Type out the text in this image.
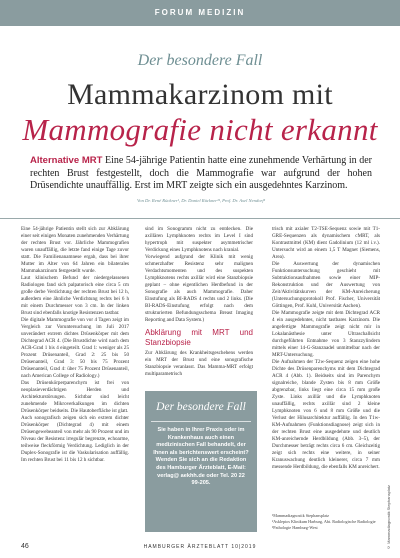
FORUM MEDIZIN
Der besondere Fall
Mammakarzinom mit
Mammografie nicht erkannt
Alternative MRT Eine 54-jährige Patientin hatte eine zunehmende Verhärtung in der rechten Brust festgestellt, doch die Mammografie war aufgrund der hohen Drüsendichte unauffällig. Erst im MRT zeigte sich ein ausgedehntes Karzinom.
Von Dr. René Rückner¹, Dr. Daniel Rückner²³, Prof. Dr. Axel Nendorf³

Eine 54-jährige Patientin stellt sich zur Abklärung einer seit einigen Monaten zunehmenden Verhärtung der rechten Brust vor. Jährliche Mammografien waren unauffällig, die letzte fand einige Tage zuvor statt. Die Familienanamnese ergab, dass bei ihrer Mutter im Alter von 64 Jahren ein bilaterales Mammakarzinom festgestellt wurde.

Laut klinischem Befund der niedergelassenen Radiologen fand sich palpatorisch eine circa 5 cm große derbe Verdichtung der rechten Brust bei 12 h, außerdem eine ähnliche Verdichtung rechts bei 6 h mit einem Durchmesser von 3 cm. In der linken Brust sind ebenfalls knotige Resistenzen tastbar.

Die digitale Mammografie von vor 4 Tagen zeigt im Vergleich zur Voruntersuchung im Juli 2017 unverändert extrem dichtes Drüsenkörper mit dem Dichtegrad ACR 4. (Die Brustdichte wird nach dem ACR-Grad 1 bis 4 eingeteilt. Grad 1: weniger als 25 Prozent Drüsenanteil, Grad 2: 25 bis 50 Drüsenanteil, Grad 3: 50 bis 75 Prozent Drüsenanteil, Grad 4: über 75 Prozent Drüsenanteil, nach American College of Radiology.)

Das Drüsenkörperparenchym ist frei von neoplasieverdächtigen Herden und Architekturstörungen. Sichtbar sind leicht zunehmende Mikroverkalkungen im dichten Drüsenkörper beidseits. Die Hautoberfläche ist glatt.

Auch sonografisch zeigen sich ein extrem dichter Drüsenkörper (Dichtegrad 4) mit einem Drüsengewebeanteil von mehr als 90 Prozent und im Niveau der Resistenz irregulär begrenzte, echoarme, teilweise fleckförmig Verdichtung. Lediglich in der Duplex-Sonografie ist die Vaskularisation auffällig. Im rechten Brust bei 11 bis 12 h sichtbar.

sind im Sonogramm nicht zu entdecken. Die axillären Lymphknoten rechts im Level I sind hypertroph mit suspekter asymmetrischer Verdickung eines Lymphknotens nach kranial.

Vorwiegend aufgrund der Klinik mit wenig schmerzhafter Resistenz sehr malignen Verdachtsmomenten und des suspekten Lymphknotens rechts axillär wird eine Stanzbiopsie geplant – ohne eigentlichen Herdbefund in der Sonografie als auch Mammografie. Daher Einstufung als BI-RADS 4 rechts und 2 links. (Die BI-RADS-Einstufung erfolgt nach dem strukturierten Befundungsschema Breast Imaging Reporting and Data System.)

Abklärung mit MRT und Stanzbiopsie

Zur Abklärung des Krankheitsgeschehens werden ein MRT der Brust und eine sonografische Stanzbiopsie veranlasst. Das Mamma-MRT erfolgt multiparametrisch

Der besondere Fall
Sie haben in Ihrer Praxis oder im Krankenhaus auch einen medizinischen Fall behandelt, der Ihnen als berichtenswert erscheint? Wenden Sie sich an die Redaktion des Hamburger Ärzteblatt, E-Mail: verlag@ aekhh.de oder Tel. 20 22 99-205.

trisch mit axialer T2-TSE-Sequenz sowie mit T1-GRE-Sequenzen als dynamischem cMRT, als Kontrastmittel (KM) dient Gadolinium (12 ml i.v.). Untersucht wird an einem 1,5 T Magnet (Siemens, Area).

Die Auswertung der dynamischen Funktionsuntersuchung geschieht mit Subtraktionsaufnahmen sowie einer MIP-Rekonstruktion und der Auswertung von Zeit/Aktivitätskurven der KM-Anreicherung (Untersuchungsprotokoll Prof. Fischer, Universität Göttingen, Prof. Kuhl, Universität Aachen).

Die Mammografie zeigte mit dem Dichtegrad ACR 4 ein ausgedehntes, nicht tastbares Karzinom. Die angefertigte Mammografie zeigt nicht mir in Lokalanästhesie unter Ultraschallsicht durchgeführten Entnahme von 3 Stanzzylindern mittels einer 14-G-Stanznadel unmittelbar nach der MRT-Untersuchung.

Die Aufnahmen der T2w-Sequenz zeigen eine hohe Dichte des Drüsenparenchyms mit dem Dichtegrad ACR 4 (Abb. 1). Beidseits sind im Parenchym signalreiche, blande Zysten bis 8 mm Größe abgrenzbar, links liegt eine circa 15 mm große Zyste. Links axillär und die Lymphknoten unauffällig, rechts axillär sind 2 kleine Lymphknoten von 6 und 8 mm Größe und die Verlust der Hilusarchitektur auffällig. In den T1w-KM-Aufnahmen (Funktionsdiagnose) zeigt sich in der rechten Brust eine ausgedehnte und deutlich KM-anreichernde Herdbildung (Abb. 3–5), der Durchmesser beträgt rechts circa 6 cm. Gleichzeitig zeigt sich rechts eine weitere, in seiner Kranuswachung deutlich kleinerer, circa 7 mm messende Herdbildung, die ebenfalls KM anreichert.

¹Mammadiagnostik Stephansplatz
²Asklepios Klinikum Harburg, Abt. Radiologische Radiologie
³Pathologie Hamburg-West	© Mammadiagnostik Stephansplatz
46	HAMBURGER ÄRZTEBLATT 10|2019
